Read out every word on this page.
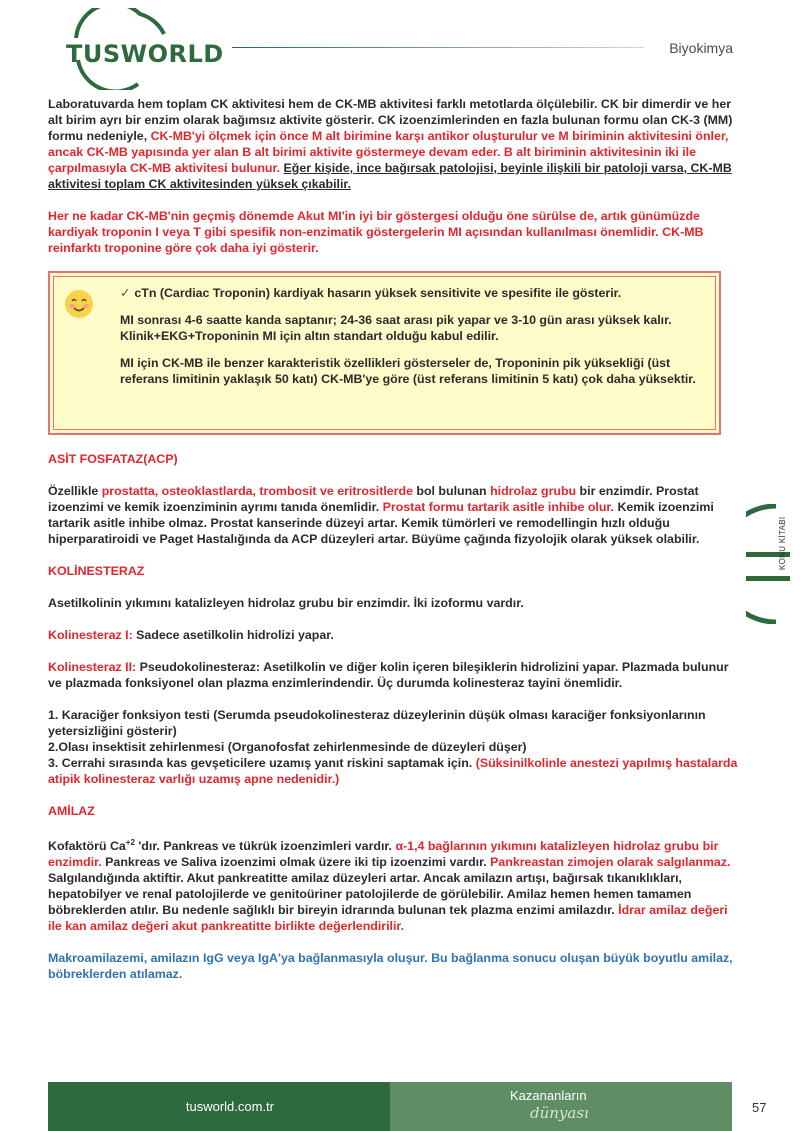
TUSWORLD	Biyokimya
KONU KİTABI

Laboratuvarda hem toplam CK aktivitesi hem de CK-MB aktivitesi farklı metotlarda ölçülebilir. CK bir dimerdir ve her alt birim ayrı bir enzim olarak bağımsız aktivite gösterir. CK izoenzimlerinden en fazla bulunan formu olan CK-3 (MM) formu nedeniyle, CK-MB'yi ölçmek için önce M alt birimine karşı antikor oluşturulur ve M biriminin aktivitesini önler, ancak CK-MB yapısında yer alan B alt birimi aktivite göstermeye devam eder. B alt biriminin aktivitesinin iki ile çarpılmasıyla CK-MB aktivitesi bulunur. Eğer kişide, ince bağırsak patolojisi, beyinle ilişkili bir patoloji varsa, CK-MB aktivitesi toplam CK aktivitesinden yüksek çıkabilir.

Her ne kadar CK-MB'nin geçmiş dönemde Akut MI'in iyi bir göstergesi olduğu öne sürülse de, artık günümüzde kardiyak troponin I veya T gibi spesifik non-enzimatik göstergelerin MI açısından kullanılması önemlidir. CK-MB reinfarktı troponine göre çok daha iyi gösterir.

✓ cTn (Cardiac Troponin) kardiyak hasarın yüksek sensitivite ve spesifite ile gösterir.

MI sonrası 4-6 saatte kanda saptanır; 24-36 saat arası pik yapar ve 3-10 gün arası yüksek kalır. Klinik+EKG+Troponinin MI için altın standart olduğu kabul edilir.

MI için CK-MB ile benzer karakteristik özellikleri gösterseler de, Troponinin pik yüksekliği (üst referans limitinin yaklaşık 50 katı) CK-MB'ye göre (üst referans limitinin 5 katı) çok daha yüksektir.

ASİT FOSFATAZ(ACP)

Özellikle prostatta, osteoklastlarda, trombosit ve eritrositlerde bol bulunan hidrolaz grubu bir enzimdir. Prostat izoenzimi ve kemik izoenziminin ayrımı tanıda önemlidir. Prostat formu tartarik asitle inhibe olur. Kemik izoenzimi tartarik asitle inhibe olmaz. Prostat kanserinde düzeyi artar. Kemik tümörleri ve remodellingin hızlı olduğu hiperparatiroidi ve Paget Hastalığında da ACP düzeyleri artar. Büyüme çağında fizyolojik olarak yüksek olabilir.

KOLİNESTERAZ

Asetilkolinin yıkımını katalizleyen hidrolaz grubu bir enzimdir. İki izoformu vardır.

Kolinesteraz I: Sadece asetilkolin hidrolizi yapar.

Kolinesteraz II: Pseudokolinesteraz: Asetilkolin ve diğer kolin içeren bileşiklerin hidrolizini yapar. Plazmada bulunur ve plazmada fonksiyonel olan plazma enzimlerindendir. Üç durumda kolinesteraz tayini önemlidir.

1. Karaciğer fonksiyon testi (Serumda pseudokolinesteraz düzeylerinin düşük olması karaciğer fonksiyonlarının yetersizliğini gösterir)

2.Olası insektisit zehirlenmesi (Organofosfat zehirlenmesinde de düzeyleri düşer)

3. Cerrahi sırasında kas gevşeticilere uzamış yanıt riskini saptamak için. (Süksinilkolinle anestezi yapılmış hastalarda atipik kolinesteraz varlığı uzamış apne nedenidir.)

AMİLAZ

Kofaktörü $Ca^{+2}$ 'dır. Pankreas ve tükrük izoenzimleri vardır. α-1,4 bağlarının yıkımını katalizleyen hidrolaz grubu bir enzimdir. Pankreas ve Saliva izoenzimi olmak üzere iki tip izoenzimi vardır. Pankreastan zimojen olarak salgılanmaz. Salgılandığında aktiftir. Akut pankreatitte amilaz düzeyleri artar. Ancak amilazın artışı, bağırsak tıkanıklıkları, hepatobilyer ve renal patolojilerde ve genitoüriner patolojilerde de görülebilir. Amilaz hemen hemen tamamen böbreklerden atılır. Bu nedenle sağlıklı bir bireyin idrarında bulunan tek plazma enzimi amilazdır. İdrar amilaz değeri ile kan amilaz değeri akut pankreatitte birlikte değerlendirilir.

Makroamilazemi, amilazın IgG veya IgA'ya bağlanmasıyla oluşur. Bu bağlanma sonucu oluşan büyük boyutlu amilaz, böbreklerden atılamaz.

tusworld.com.tr
Kazananların
dünyası	57
